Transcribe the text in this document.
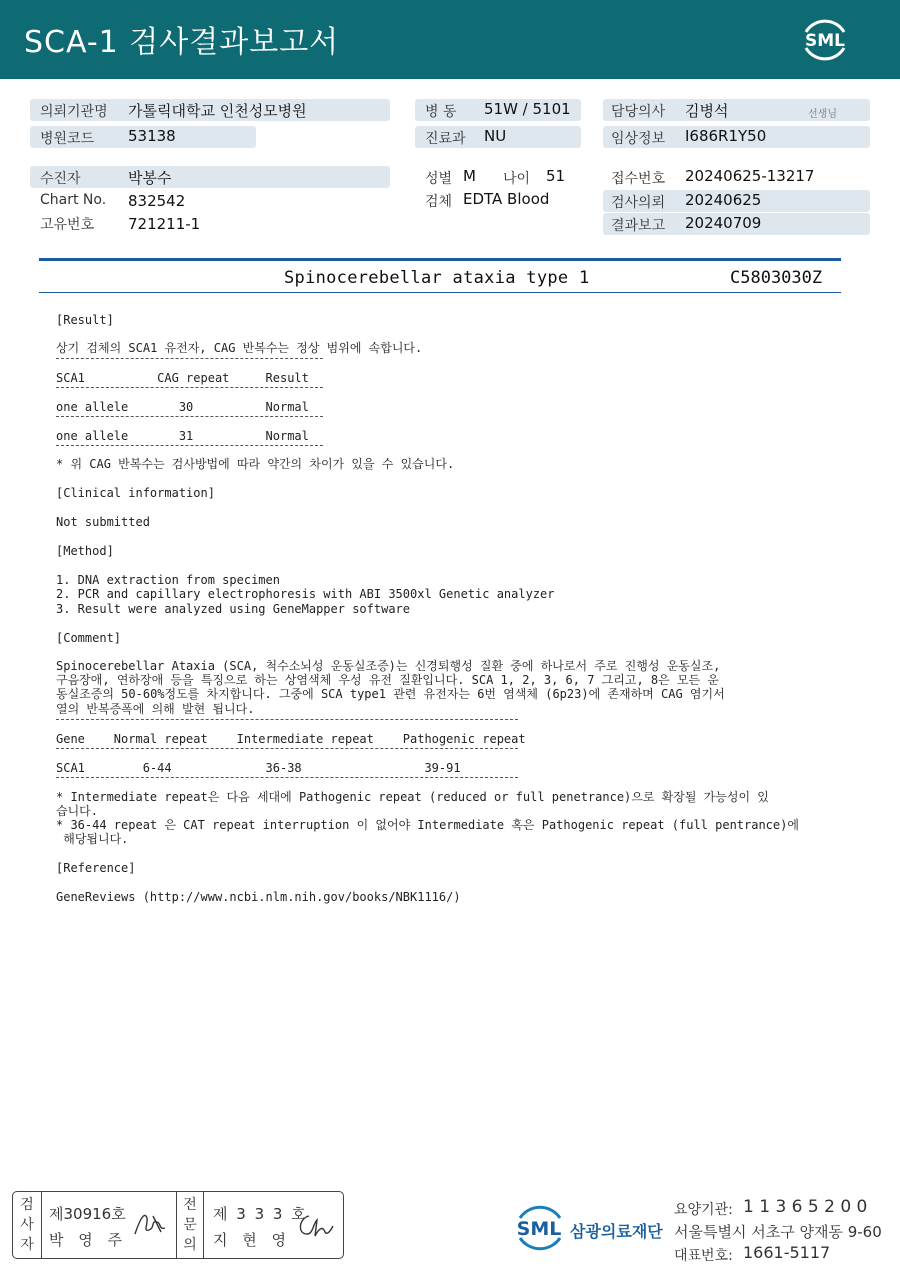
SCA-1 검사결과보고서	SML
의뢰기관명 가톨릭대학교 인천성모병원
병원코드 53138
수진자	박봉수
Chart No. 832542
고유번호 721211-1
병 동 51W / 5101
진료과 NU
성별 M 나이 51
검체 EDTA Blood
담당의사 김병석	선생님
임상정보 I686R1Y50
접수번호 20240625-13217
검사의뢰 20240625
결과보고 20240709
Spinocerebellar ataxia type 1	C5803030Z
[Result]
상기 검체의 SCA1 유전자, CAG 반복수는 정상 범위에 속합니다.
SCA1          CAG repeat     Result
one allele       30          Normal
one allele       31          Normal
* 위 CAG 반복수는 검사방법에 따라 약간의 차이가 있을 수 있습니다.
[Clinical information]
Not submitted
[Method]
1. DNA extraction from specimen
2. PCR and capillary electrophoresis with ABI 3500xl Genetic analyzer
3. Result were analyzed using GeneMapper software
[Comment]
Spinocerebellar Ataxia (SCA, 척수소뇌성 운동실조증)는 신경퇴행성 질환 중에 하나로서 주로 진행성 운동실조,
구음장애, 연하장애 등을 특징으로 하는 상염색체 우성 유전 질환입니다. SCA 1, 2, 3, 6, 7 그리고, 8은 모든 운
동실조증의 50-60%정도를 차지합니다. 그중에 SCA type1 관련 유전자는 6번 염색체 (6p23)에 존재하며 CAG 염기서
열의 반복증폭에 의해 발현 됩니다.
Gene    Normal repeat    Intermediate repeat    Pathogenic repeat
SCA1        6-44             36-38                 39-91
* Intermediate repeat은 다음 세대에 Pathogenic repeat (reduced or full penetrance)으로 확장될 가능성이 있
습니다.
* 36-44 repeat 은 CAT repeat interruption 이 없어야 Intermediate 혹은 Pathogenic repeat (full pentrance)에
해당됩니다.
[Reference]
GeneReviews (http://www.ncbi.nlm.nih.gov/books/NBK1116/)
검
사
자
제30916호
박 영 주
전
문
의
제 3 3 3 호
지 현 영	SML 삼광의료재단
요양기관: 1 1 3 6 5 2 0 0
서울특별시 서초구 양재동 9-60
대표번호: 1661-5117
